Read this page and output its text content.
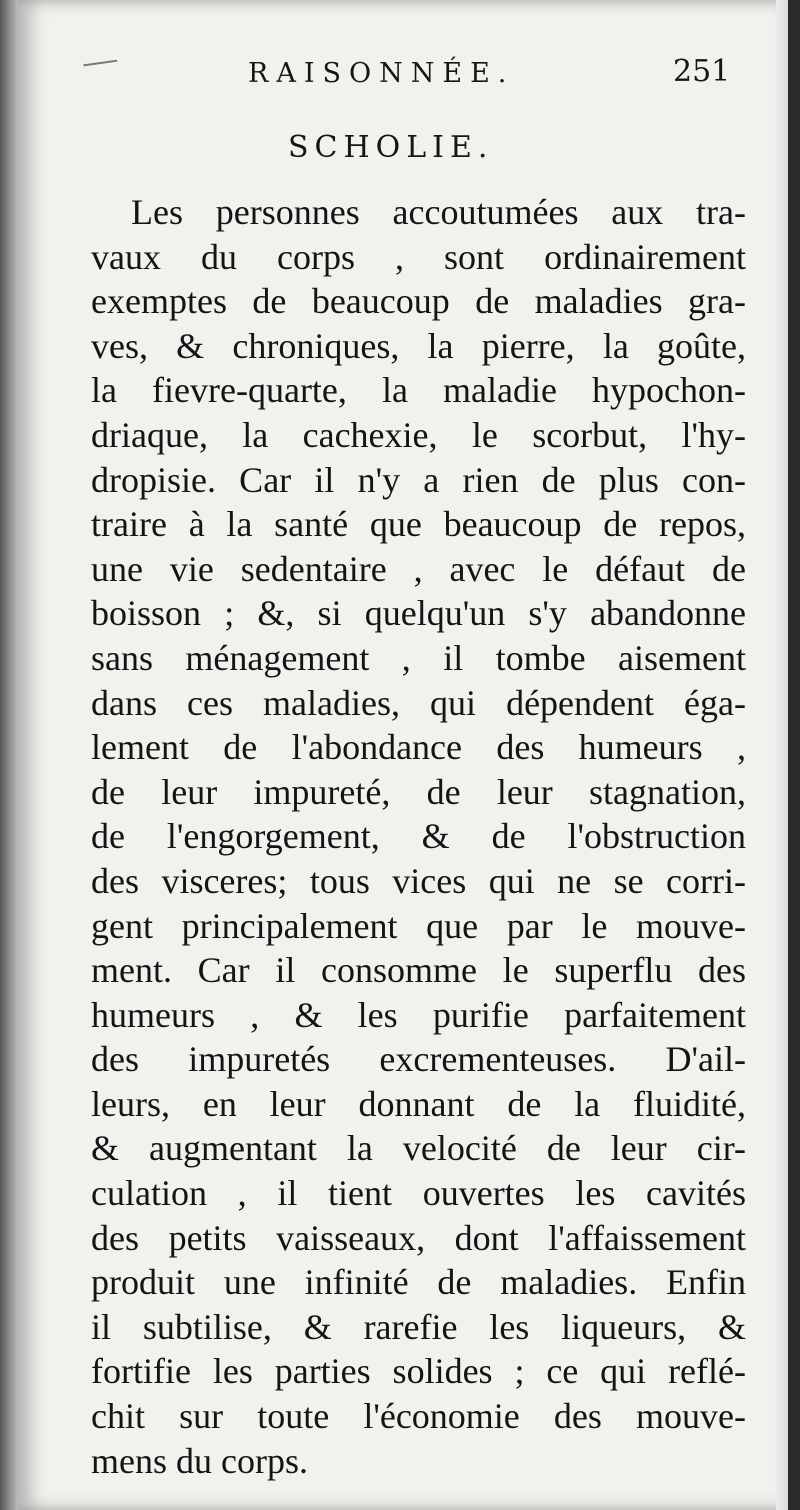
RAISONNÉE.	251
SCHOLIE.
Les personnes accoutumées aux tra-
vaux du corps , sont ordinairement
exemptes de beaucoup de maladies gra-
ves, & chroniques, la pierre, la goûte,
la fievre-quarte, la maladie hypochon-
driaque, la cachexie, le scorbut, l'hy-
dropisie. Car il n'y a rien de plus con-
traire à la santé que beaucoup de repos,
une vie sedentaire , avec le défaut de
boisson ; &, si quelqu'un s'y abandonne
sans ménagement , il tombe aisement
dans ces maladies, qui dépendent éga-
lement de l'abondance des humeurs ,
de leur impureté, de leur stagnation,
de l'engorgement, & de l'obstruction
des visceres; tous vices qui ne se corri-
gent principalement que par le mouve-
ment. Car il consomme le superflu des
humeurs , & les purifie parfaitement
des impuretés excrementeuses. D'ail-
leurs, en leur donnant de la fluidité,
& augmentant la velocité de leur cir-
culation , il tient ouvertes les cavités
des petits vaisseaux, dont l'affaissement
produit une infinité de maladies. Enfin
il subtilise, & rarefie les liqueurs, &
fortifie les parties solides ; ce qui reflé-
chit sur toute l'économie des mouve-
mens du corps.
